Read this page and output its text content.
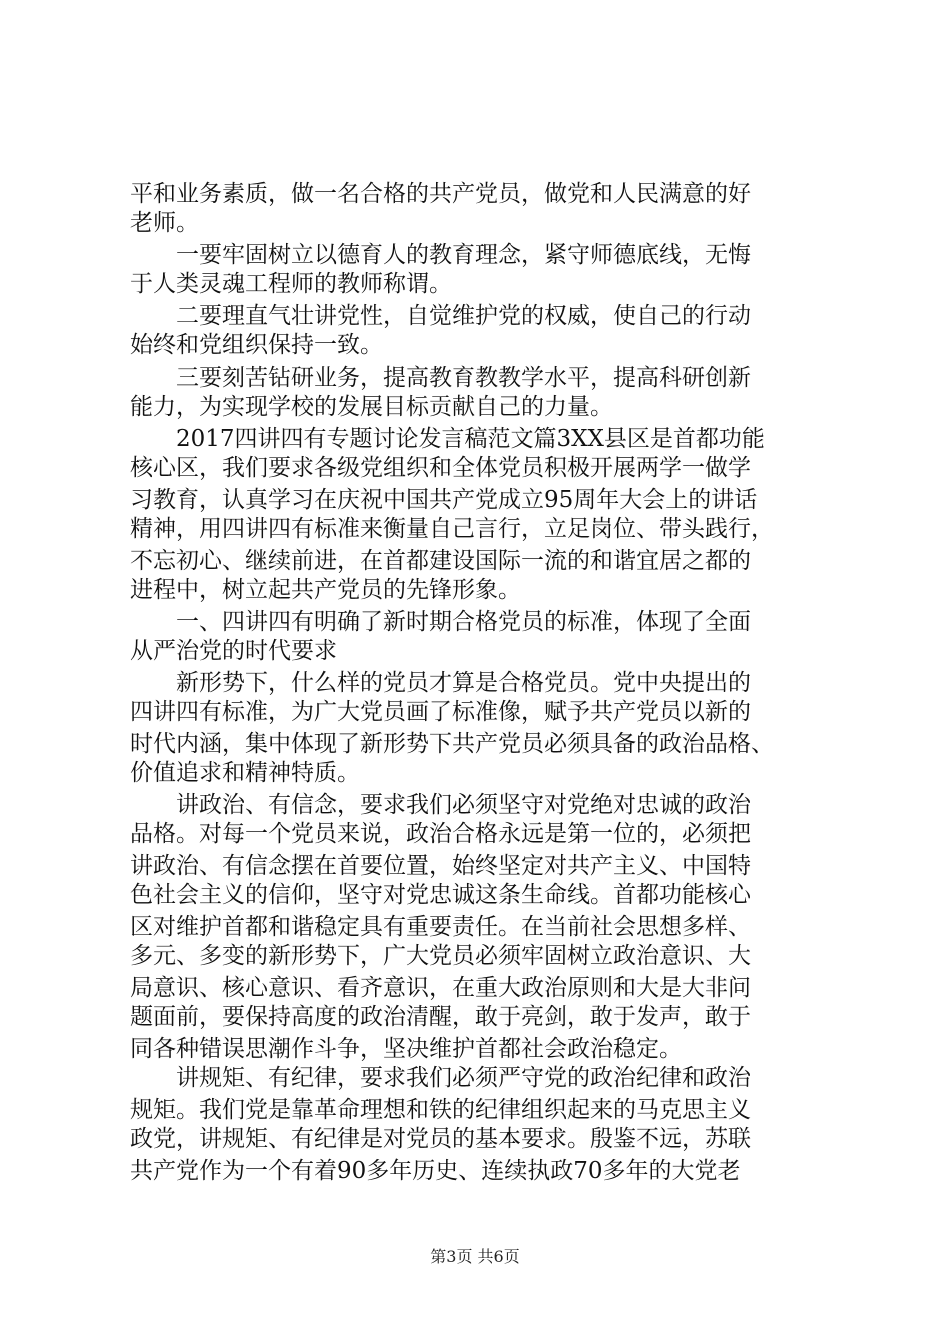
平和业务素质，做一名合格的共产党员，做党和人民满意的好
老师。
　　一要牢固树立以德育人的教育理念，紧守师德底线，无悔
于人类灵魂工程师的教师称谓。
　　二要理直气壮讲党性，自觉维护党的权威，使自己的行动
始终和党组织保持一致。
　　三要刻苦钻研业务，提高教育教教学水平，提高科研创新
能力，为实现学校的发展目标贡献自己的力量。
　　2017四讲四有专题讨论发言稿范文篇3XX县区是首都功能
核心区，我们要求各级党组织和全体党员积极开展两学一做学
习教育，认真学习在庆祝中国共产党成立95周年大会上的讲话
精神，用四讲四有标准来衡量自己言行，立足岗位、带头践行，
不忘初心、继续前进，在首都建设国际一流的和谐宜居之都的
进程中，树立起共产党员的先锋形象。
　　一、四讲四有明确了新时期合格党员的标准，体现了全面
从严治党的时代要求
　　新形势下，什么样的党员才算是合格党员。党中央提出的
四讲四有标准，为广大党员画了标准像，赋予共产党员以新的
时代内涵，集中体现了新形势下共产党员必须具备的政治品格、
价值追求和精神特质。
　　讲政治、有信念，要求我们必须坚守对党绝对忠诚的政治
品格。对每一个党员来说，政治合格永远是第一位的，必须把
讲政治、有信念摆在首要位置，始终坚定对共产主义、中国特
色社会主义的信仰，坚守对党忠诚这条生命线。首都功能核心
区对维护首都和谐稳定具有重要责任。在当前社会思想多样、
多元、多变的新形势下，广大党员必须牢固树立政治意识、大
局意识、核心意识、看齐意识，在重大政治原则和大是大非问
题面前，要保持高度的政治清醒，敢于亮剑，敢于发声，敢于
同各种错误思潮作斗争，坚决维护首都社会政治稳定。
　　讲规矩、有纪律，要求我们必须严守党的政治纪律和政治
规矩。我们党是靠革命理想和铁的纪律组织起来的马克思主义
政党，讲规矩、有纪律是对党员的基本要求。殷鉴不远，苏联
共产党作为一个有着90多年历史、连续执政70多年的大党老
第3页 共6页
